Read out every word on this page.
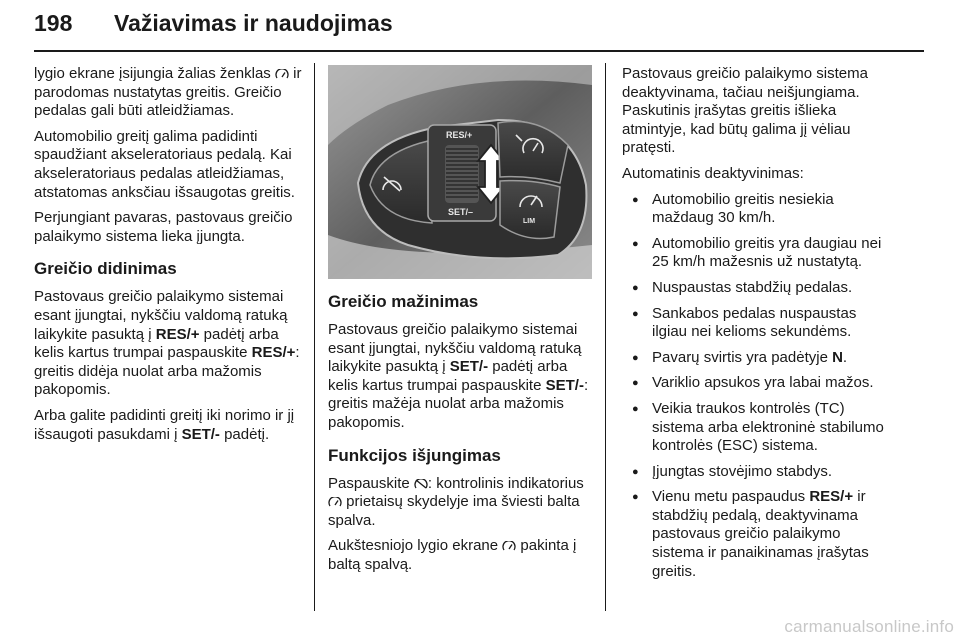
198 Važiavimas ir naudojimas

lygio ekrane įsijungia žalias ženklas  ir parodomas nustatytas greitis. Greičio pedalas gali būti atleidžiamas.

Automobilio greitį galima padidinti spaudžiant akseleratoriaus pedalą. Kai akseleratoriaus pedalas atleidžiamas, atstatomas anksčiau išsaugotas greitis.

Perjungiant pavaras, pastovaus greičio palaikymo sistema lieka įjungta.

Greičio didinimas

Pastovaus greičio palaikymo sistemai esant įjungtai, nykščiu valdomą ratuką laikykite pasuktą į RES/+ padėtį arba kelis kartus trumpai paspauskite RES/+: greitis didėja nuolat arba mažomis pakopomis.

Arba galite padidinti greitį iki norimo ir jį išsaugoti pasukdami į SET/- padėtį.

RES/+
SET/–
LIM
Greičio mažinimas

Pastovaus greičio palaikymo sistemai esant įjungtai, nykščiu valdomą ratuką laikykite pasuktą į SET/- padėtį arba kelis kartus trumpai paspauskite SET/-: greitis mažėja nuolat arba mažomis pakopomis.

Funkcijos išjungimas

Paspauskite : kontrolinis indikatorius  prietaisų skydelyje ima šviesti balta spalva.

Aukštesniojo lygio ekrane  pakinta į baltą spalvą.

Pastovaus greičio palaikymo sistema deaktyvinama, tačiau neišjungiama. Paskutinis įrašytas greitis išlieka atmintyje, kad būtų galima jį vėliau pratęsti.

Automatinis deaktyvinimas:

● Automobilio greitis nesiekia maždaug 30 km/h.
● Automobilio greitis yra daugiau nei 25 km/h mažesnis už nustatytą.
● Nuspaustas stabdžių pedalas.
● Sankabos pedalas nuspaustas ilgiau nei kelioms sekundėms.
● Pavarų svirtis yra padėtyje N.
● Variklio apsukos yra labai mažos.
● Veikia traukos kontrolės (TC) sistema arba elektroninė stabilumo kontrolės (ESC) sistema.
● Įjungtas stovėjimo stabdys.
● Vienu metu paspaudus RES/+ ir stabdžių pedalą, deaktyvinama pastovaus greičio palaikymo sistema ir panaikinamas įrašytas greitis.
carmanualsonline.info
